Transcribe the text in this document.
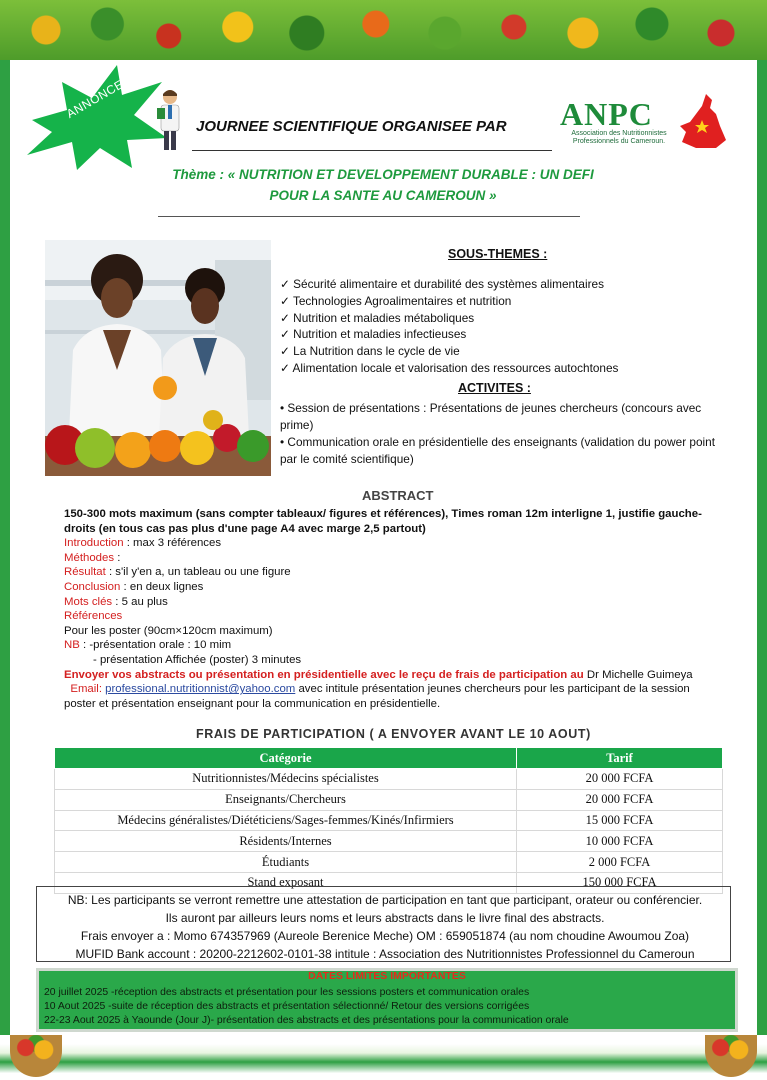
ANNONCE
JOURNEE SCIENTIFIQUE ORGANISEE PAR ANPC
Association des Nutritionnistes Professionnels du Cameroun.
Thème : « NUTRITION ET DEVELOPPEMENT DURABLE : UN DEFI
POUR LA SANTE AU CAMEROUN »
SOUS-THEMES :
✓ Sécurité alimentaire et durabilité des systèmes alimentaires
✓ Technologies Agroalimentaires et nutrition
✓ Nutrition et maladies métaboliques
✓ Nutrition et maladies infectieuses
✓ La Nutrition dans le cycle de vie
✓ Alimentation locale et valorisation des ressources autochtones
ACTIVITES :
• Session de présentations : Présentations de jeunes chercheurs (concours avec prime)
• Communication orale en présidentielle des enseignants (validation du power point par le comité scientifique)
ABSTRACT
150-300 mots maximum (sans compter tableaux/ figures et références), Times roman 12m interligne 1, justifie gauche-droits (en tous cas pas plus d'une page A4 avec marge 2,5 partout)
Introduction : max 3 références
Méthodes :
Résultat : s'il y'en a, un tableau ou une figure
Conclusion : en deux lignes
Mots clés : 5 au plus
Références
Pour les poster (90cm×120cm maximum)
NB : -présentation orale : 10 mim
- présentation Affichée (poster) 3 minutes
Envoyer vos abstracts ou présentation en présidentielle avec le reçu de frais de participation au Dr Michelle Guimeya   Email: professional.nutritionnist@yahoo.com avec intitule présentation jeunes chercheurs pour les participant de la session poster et présentation enseignant pour la communication en présidentielle.
FRAIS DE PARTICIPATION ( A ENVOYER AVANT LE 10 AOUT)
Catégorie	Tarif
Nutritionnistes/Médecins spécialistes	20 000 FCFA
Enseignants/Chercheurs	20 000 FCFA
Médecins généralistes/Diététiciens/Sages-femmes/Kinés/Infirmiers	15 000 FCFA
Résidents/Internes	10 000 FCFA
Étudiants	2 000 FCFA
Stand exposant	150 000 FCFA
NB: Les participants se verront remettre une attestation de participation en tant que participant, orateur ou conférencier.
Ils auront par ailleurs leurs noms et leurs abstracts dans le livre final des abstracts.
Frais envoyer a : Momo 674357969 (Aureole Berenice Meche) OM : 659051874 (au nom choudine Awoumou Zoa)
MUFID Bank account : 20200-2212602-0101-38 intitule : Association des Nutritionnistes Professionnel du Cameroun
DATES LIMITES IMPORTANTES
20 juillet 2025 -réception des abstracts et présentation pour les sessions posters et communication orales
10 Aout 2025 -suite de réception des abstracts et présentation sélectionné/ Retour des versions corrigées
22-23 Aout 2025 à Yaounde (Jour J)- présentation des abstracts et des présentations pour la communication orale
